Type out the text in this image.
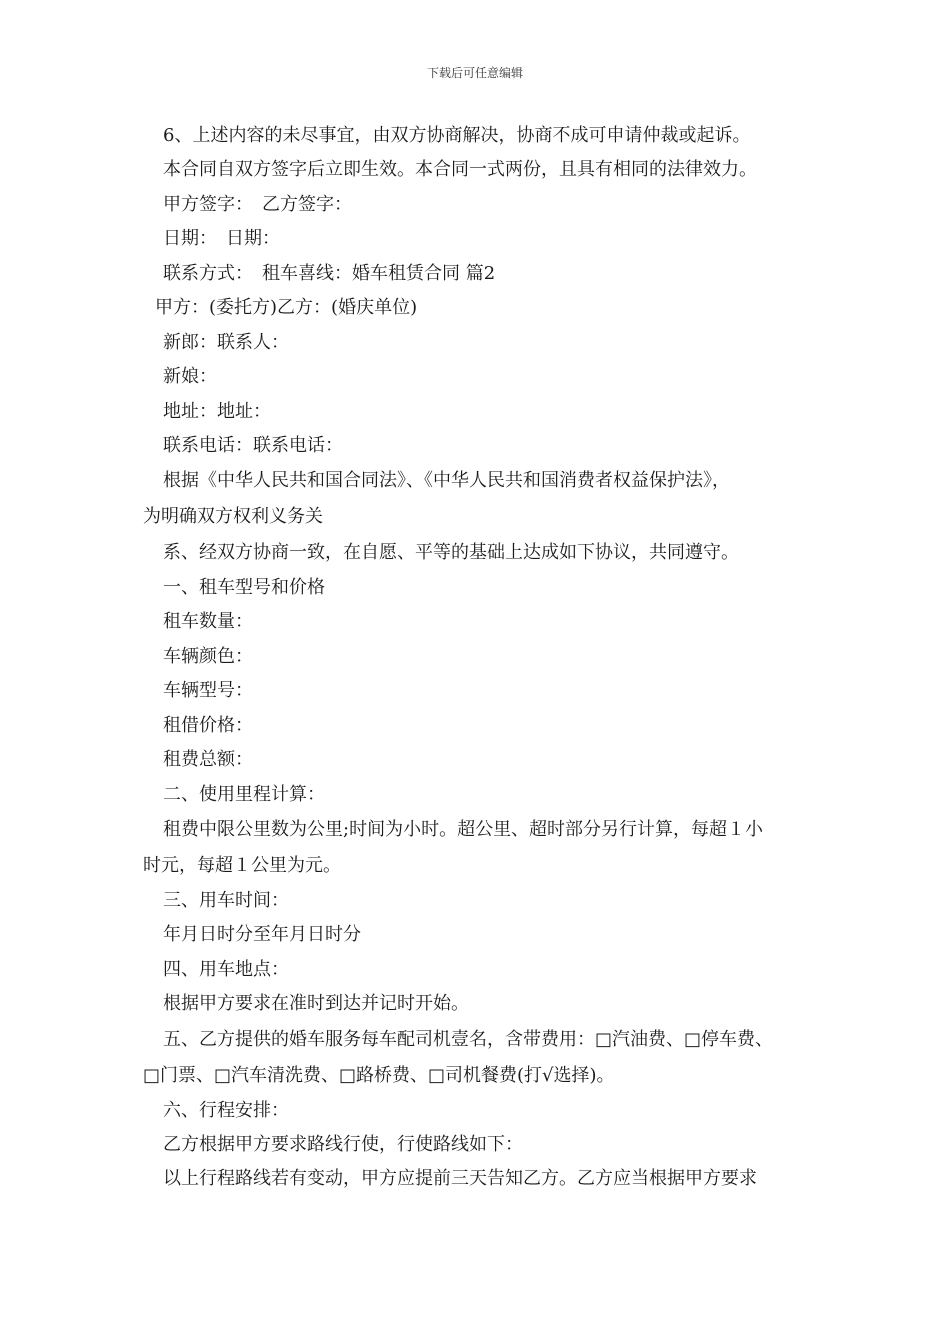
下载后可任意编辑
6、上述内容的未尽事宜，由双方协商解决，协商不成可申请仲裁或起诉。
本合同自双方签字后立即生效。本合同一式两份，且具有相同的法律效力。
甲方签字：　乙方签字：
日期：　日期：
联系方式：　租车喜线：婚车租赁合同 篇2
甲方：(委托方)乙方：(婚庆单位)
新郎：联系人：
新娘：
地址：地址：
联系电话：联系电话：
根据《中华人民共和国合同法》、《中华人民共和国消费者权益保护法》，
为明确双方权利义务关
系、经双方协商一致，在自愿、平等的基础上达成如下协议，共同遵守。
一、租车型号和价格
租车数量：
车辆颜色：
车辆型号：
租借价格：
租费总额：
二、使用里程计算：
租费中限公里数为公里;时间为小时。超公里、超时部分另行计算，每超１小
时元，每超１公里为元。
三、用车时间：
年月日时分至年月日时分
四、用车地点：
根据甲方要求在准时到达并记时开始。
五、乙方提供的婚车服务每车配司机壹名，含带费用：□汽油费、□停车费、
□门票、□汽车清洗费、□路桥费、□司机餐费(打√选择)。
六、行程安排：
乙方根据甲方要求路线行使，行使路线如下：
以上行程路线若有变动，甲方应提前三天告知乙方。乙方应当根据甲方要求
